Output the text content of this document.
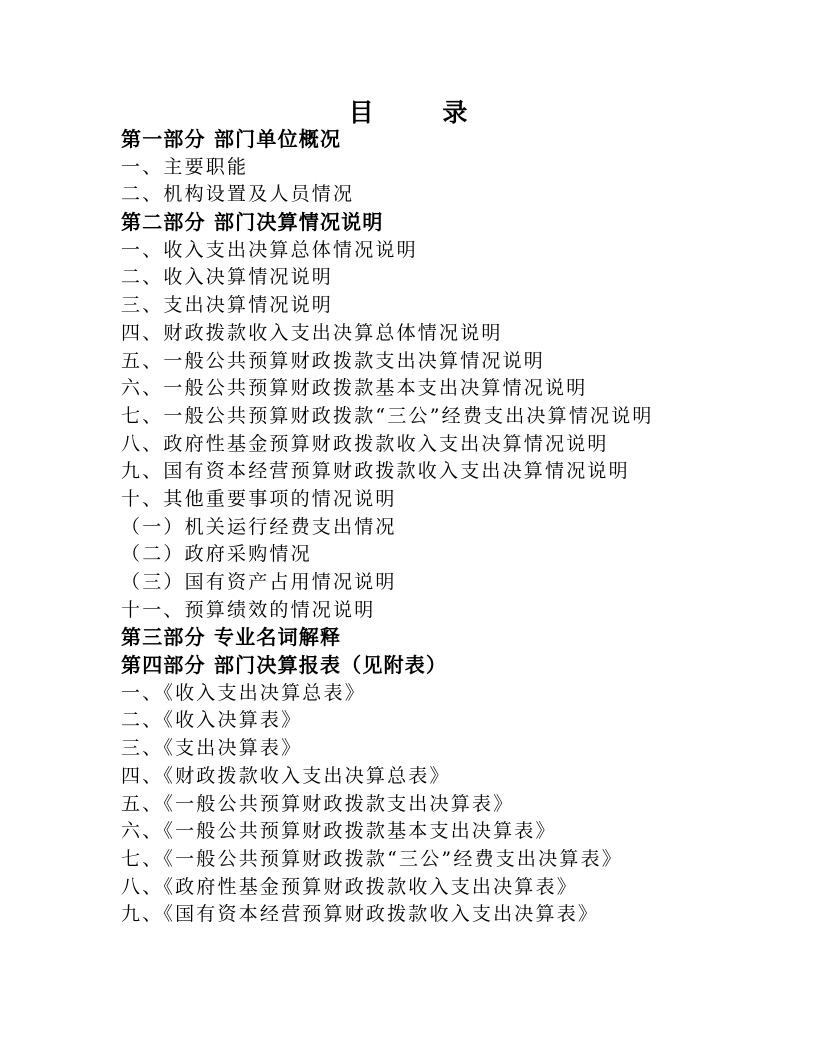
目 录
第一部分 部门单位概况
一、主要职能
二、机构设置及人员情况
第二部分 部门决算情况说明
一、收入支出决算总体情况说明
二、收入决算情况说明
三、支出决算情况说明
四、财政拨款收入支出决算总体情况说明
五、一般公共预算财政拨款支出决算情况说明
六、一般公共预算财政拨款基本支出决算情况说明
七、一般公共预算财政拨款“三公”经费支出决算情况说明
八、政府性基金预算财政拨款收入支出决算情况说明
九、国有资本经营预算财政拨款收入支出决算情况说明
十、其他重要事项的情况说明
（一）机关运行经费支出情况
（二）政府采购情况
（三）国有资产占用情况说明
十一、预算绩效的情况说明
第三部分 专业名词解释
第四部分 部门决算报表（见附表）
一、《收入支出决算总表》
二、《收入决算表》
三、《支出决算表》
四、《财政拨款收入支出决算总表》
五、《一般公共预算财政拨款支出决算表》
六、《一般公共预算财政拨款基本支出决算表》
七、《一般公共预算财政拨款“三公”经费支出决算表》
八、《政府性基金预算财政拨款收入支出决算表》
九、《国有资本经营预算财政拨款收入支出决算表》
